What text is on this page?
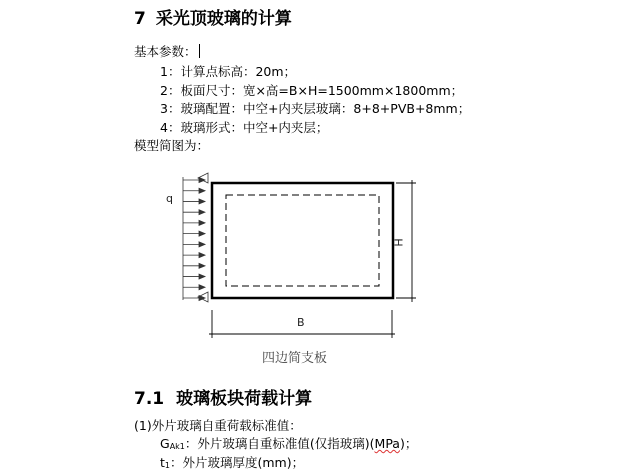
7 采光顶玻璃的计算
基本参数：
1：计算点标高：20m；
2：板面尺寸：宽×高=B×H=1500mm×1800mm；
3：玻璃配置：中空+内夹层玻璃：8+8+PVB+8mm；
4：玻璃形式：中空+内夹层；
模型简图为：
q
H
B
四边简支板
7.1 玻璃板块荷载计算
(1)外片玻璃自重荷载标准值：
GAk1：外片玻璃自重标准值(仅指玻璃)(MPa)；
t1：外片玻璃厚度(mm)；
